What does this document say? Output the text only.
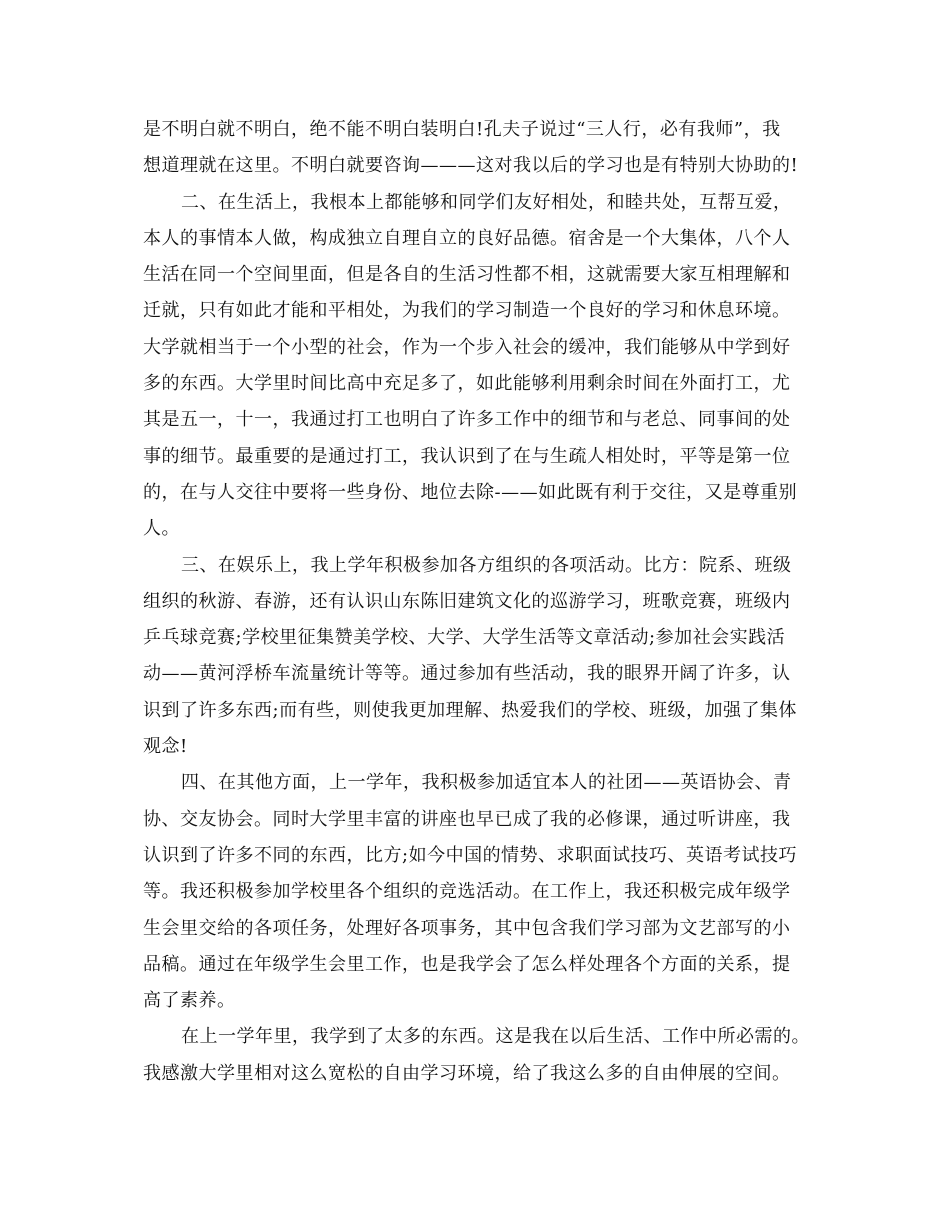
是不明白就不明白，绝不能不明白装明白!孔夫子说过“三人行，必有我师”，我
想道理就在这里。不明白就要咨询———这对我以后的学习也是有特别大协助的!
二、在生活上，我根本上都能够和同学们友好相处，和睦共处，互帮互爱，
本人的事情本人做，构成独立自理自立的良好品德。宿舍是一个大集体，八个人
生活在同一个空间里面，但是各自的生活习性都不相，这就需要大家互相理解和
迁就，只有如此才能和平相处，为我们的学习制造一个良好的学习和休息环境。
大学就相当于一个小型的社会，作为一个步入社会的缓冲，我们能够从中学到好
多的东西。大学里时间比高中充足多了，如此能够利用剩余时间在外面打工，尤
其是五一，十一，我通过打工也明白了许多工作中的细节和与老总、同事间的处
事的细节。最重要的是通过打工，我认识到了在与生疏人相处时，平等是第一位
的，在与人交往中要将一些身份、地位去除-——如此既有利于交往，又是尊重别
人。
三、在娱乐上，我上学年积极参加各方组织的各项活动。比方：院系、班级
组织的秋游、春游，还有认识山东陈旧建筑文化的巡游学习，班歌竞赛，班级内
乒乓球竞赛;学校里征集赞美学校、大学、大学生活等文章活动;参加社会实践活
动——黄河浮桥车流量统计等等。通过参加有些活动，我的眼界开阔了许多，认
识到了许多东西;而有些，则使我更加理解、热爱我们的学校、班级，加强了集体
观念!
四、在其他方面，上一学年，我积极参加适宜本人的社团——英语协会、青
协、交友协会。同时大学里丰富的讲座也早已成了我的必修课，通过听讲座，我
认识到了许多不同的东西，比方;如今中国的情势、求职面试技巧、英语考试技巧
等。我还积极参加学校里各个组织的竞选活动。在工作上，我还积极完成年级学
生会里交给的各项任务，处理好各项事务，其中包含我们学习部为文艺部写的小
品稿。通过在年级学生会里工作，也是我学会了怎么样处理各个方面的关系，提
高了素养。
在上一学年里，我学到了太多的东西。这是我在以后生活、工作中所必需的。
我感激大学里相对这么宽松的自由学习环境，给了我这么多的自由伸展的空间。
